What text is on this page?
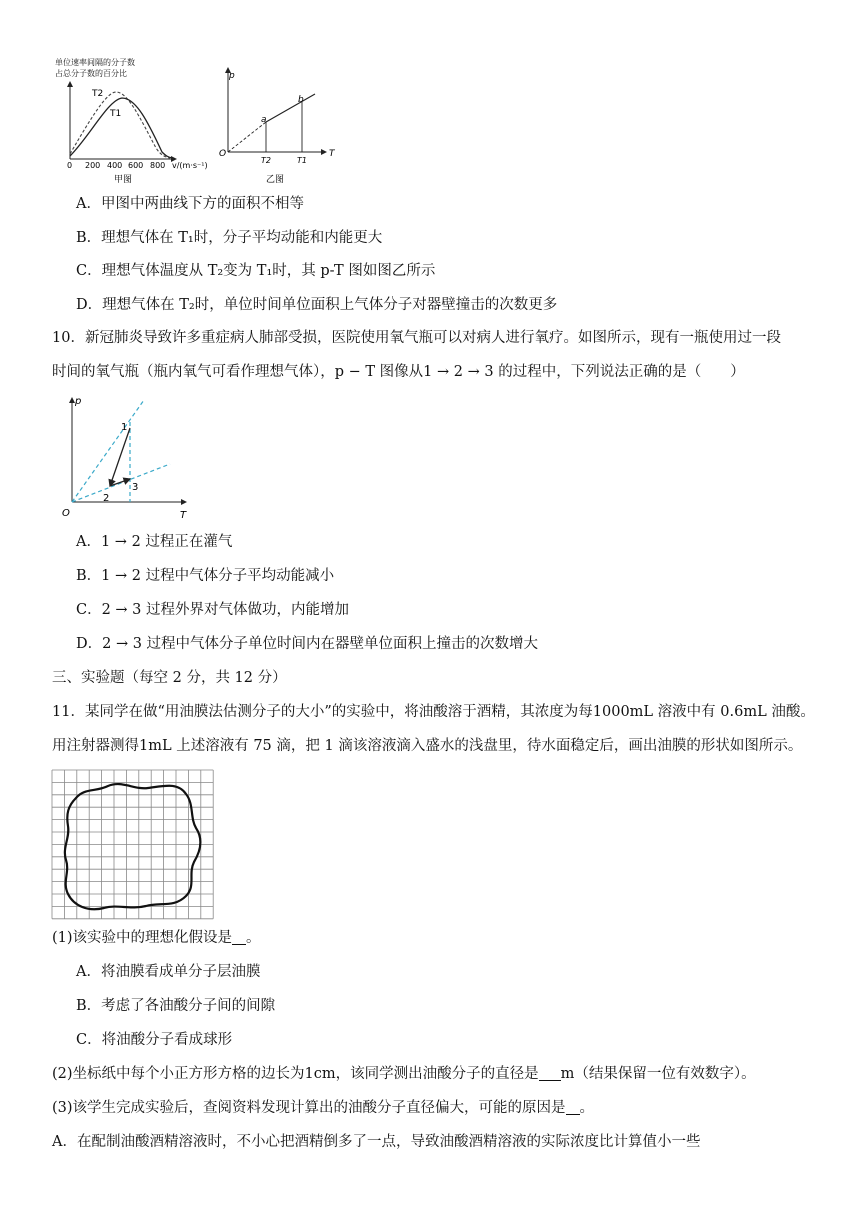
单位速率间隔的分子数
占总分子数的百分比
T2
T1
0 200 400 600 800 v/(m·s⁻¹)
甲图
p
T
O
a
b
T2	T1
乙图
A．甲图中两曲线下方的面积不相等
B．理想气体在 T₁时，分子平均动能和内能更大
C．理想气体温度从 T₂变为 T₁时，其 p-T 图如图乙所示
D．理想气体在 T₂时，单位时间单位面积上气体分子对器壁撞击的次数更多
10．新冠肺炎导致许多重症病人肺部受损，医院使用氧气瓶可以对病人进行氧疗。如图所示，现有一瓶使用过一段
时间的氧气瓶（瓶内氧气可看作理想气体），p − T 图像从1 → 2 → 3 的过程中，下列说法正确的是（　　）
p
T
O
1
2
3
A．1 → 2 过程正在灌气
B．1 → 2 过程中气体分子平均动能减小
C．2 → 3 过程外界对气体做功，内能增加
D．2 → 3 过程中气体分子单位时间内在器壁单位面积上撞击的次数增大
三、实验题（每空 2 分，共 12 分）
11．某同学在做“用油膜法估测分子的大小”的实验中，将油酸溶于酒精，其浓度为每1000mL 溶液中有 0.6mL 油酸。
用注射器测得1mL 上述溶液有 75 滴，把 1 滴该溶液滴入盛水的浅盘里，待水面稳定后，画出油膜的形状如图所示。
(1)该实验中的理想化假设是 。
A．将油膜看成单分子层油膜
B．考虑了各油酸分子间的间隙
C．将油酸分子看成球形
(2)坐标纸中每个小正方形方格的边长为1cm，该同学测出油酸分子的直径是 m（结果保留一位有效数字）。
(3)该学生完成实验后，查阅资料发现计算出的油酸分子直径偏大，可能的原因是 。
A．在配制油酸酒精溶液时，不小心把酒精倒多了一点，导致油酸酒精溶液的实际浓度比计算值小一些
